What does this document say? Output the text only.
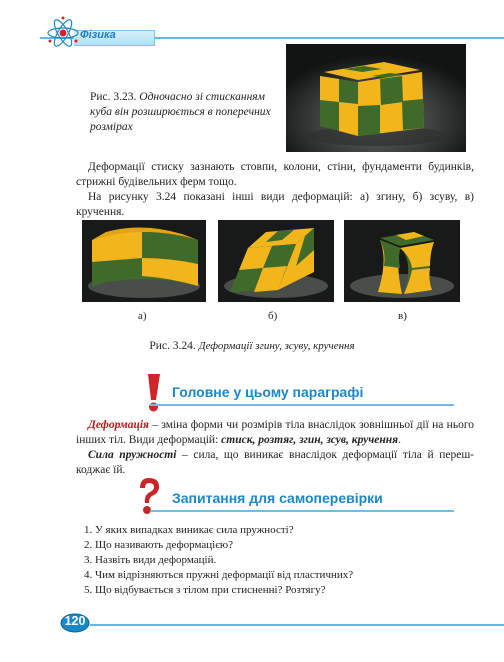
Фізика
Рис. 3.23. Одночасно зі стисканням куба він розширюється в поперечних розмірах
Деформації стиску зазнають стовпи, колони, стіни, фундаменти будинків, стрижні будівельних ферм тощо.
На рисунку 3.24 показані інші види деформацій: а) згину, б) зсуву, в) кручення.
а)	б)	в)
Рис. 3.24. Деформації згину, зсуву, кручення
Головне у цьому параграфі
Деформація – зміна форми чи розмірів тіла внаслідок зовнішньої дії на нього інших тіл. Види деформацій: стиск, розтяг, згин, зсув, кручення.
Сила пружності – сила, що виникає внаслідок деформації тіла й перешкоджає їй.
Запитання для самоперевірки
1. У яких випадках виникає сила пружності?
2. Що називають деформацією?
3. Назвіть види деформацій.
4. Чим відрізняються пружні деформації від пластичних?
5. Що відбувається з тілом при стисненні? Розтягу?
120
